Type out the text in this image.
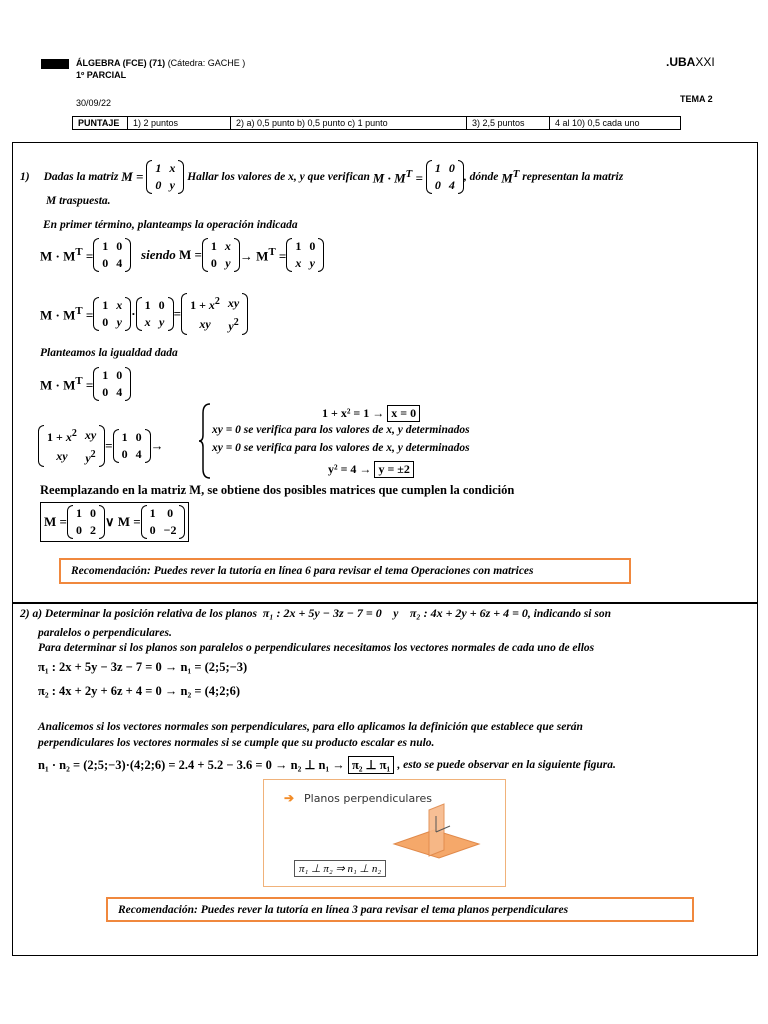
ÁLGEBRA (FCE) (71) (Cátedra: GACHE )
1º PARCIAL
.UBAXXI
30/09/22	TEMA 2
PUNTAJE	1) 2 puntos	2) a) 0,5 punto b) 0,5 punto c) 1 punto	3) 2,5 puntos	4 al 10) 0,5 cada uno
1) Dadas la matriz
M =

1	x
0	y

Hallar los valores de x, y que verifican
$M \cdot M^T$ =

1	0
0	4
, dónde
$M^T$
representan la matriz
M traspuesta.
En primer término, planteamps la operación indicada
$M \cdot M^T$ =
1	0
0	4

siendo
M =
1	x
0	$y \to M^T$ =
1	0
x	y
$M \cdot M^T$ =
1	x
0	y
·
1	0
x	y
=
$1 + x^2$	xy
xy	$y^2$
Planteamos la igualdad dada
$M \cdot M^T$ =
1	0
0	4
$1 + x^2$	xy
xy	$y^2$
=
1	0
0	4
→
1 + x² = 1 →
x = 0
xy = 0 se verifica para los valores de x, y determinados
xy = 0 se verifica para los valores de x, y determinados
y² = 4 →
y = ±2
Reemplazando en la matriz M, se obtiene dos posibles matrices que cumplen la condición
M =
1	0
0	2
∨ M =
1	0
0	−2
Recomendación: Puedes rever la tutoría en línea 6 para revisar el tema Operaciones con matrices
2) a) Determinar la posición relativa de los planos
π₁ : 2x + 5y − 3z − 7 = 0
y
π₂ : 4x + 2y + 6z + 4 = 0 , indicando si son
paralelos o perpendiculares.
Para determinar si los planos son paralelos o perpendiculares necesitamos los vectores normales de cada uno de ellos
π₁ : 2x + 5y − 3z − 7 = 0 → n₁ = (2;5;−3)
π₂ : 4x + 2y + 6z + 4 = 0 → n₂ = (4;2;6)
Analicemos si los vectores normales son perpendiculares, para ello aplicamos la definición que establece que serán
perpendiculares los vectores normales si se cumple que su producto escalar es nulo.
n₁ · n₂ = (2;5;−3)·(4;2;6) = 2.4 + 5.2 − 3.6 = 0 → n₂ ⊥ n₁ →
π₂ ⊥ π₁
, esto se puede observar en la siguiente figura.
➔ Planos perpendiculares
π₁ ⊥ π₂ ⇒ n₁ ⊥ n₂
Recomendación: Puedes rever la tutoría en línea 3 para revisar el tema planos perpendiculares
